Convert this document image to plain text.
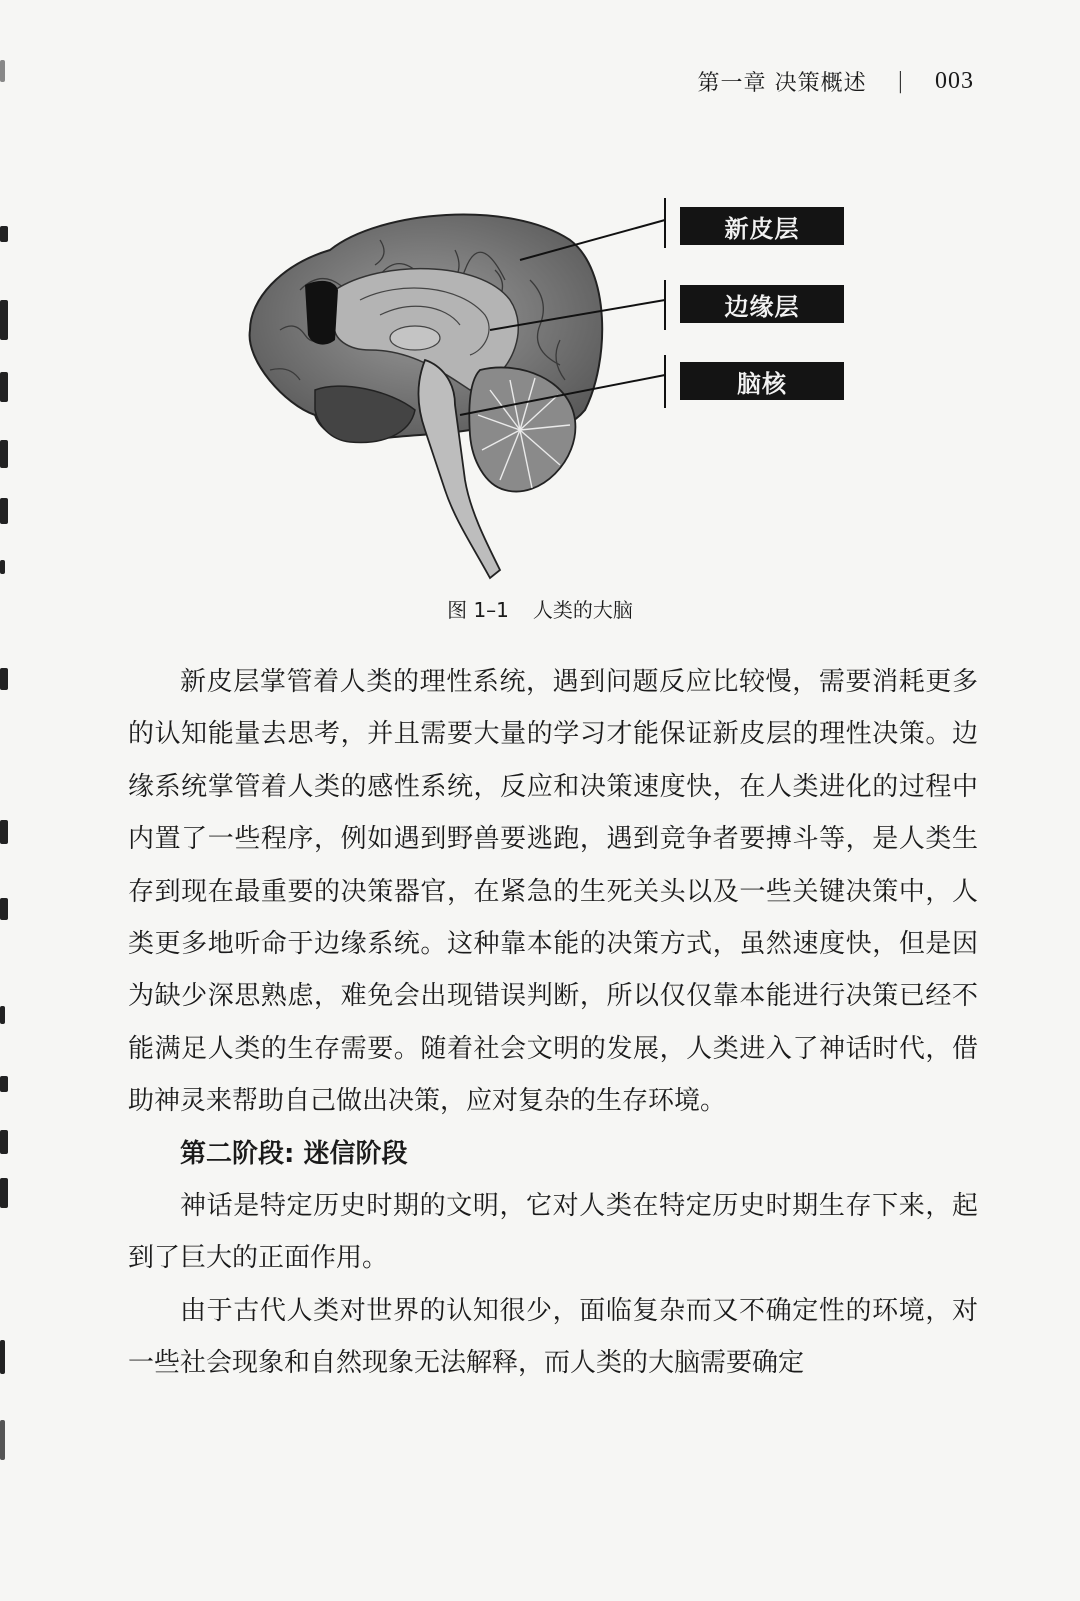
第一章 决策概述 | 003
新皮层
边缘层
脑核
图 1–1 人类的大脑

新皮层掌管着人类的理性系统，遇到问题反应比较慢，需要消耗更多的认知能量去思考，并且需要大量的学习才能保证新皮层的理性决策。边缘系统掌管着人类的感性系统，反应和决策速度快，在人类进化的过程中内置了一些程序，例如遇到野兽要逃跑，遇到竞争者要搏斗等，是人类生存到现在最重要的决策器官，在紧急的生死关头以及一些关键决策中，人类更多地听命于边缘系统。这种靠本能的决策方式，虽然速度快，但是因为缺少深思熟虑，难免会出现错误判断，所以仅仅靠本能进行决策已经不能满足人类的生存需要。随着社会文明的发展，人类进入了神话时代，借助神灵来帮助自己做出决策，应对复杂的生存环境。

第二阶段: 迷信阶段

神话是特定历史时期的文明，它对人类在特定历史时期生存下来，起到了巨大的正面作用。

由于古代人类对世界的认知很少，面临复杂而又不确定性的环境，对一些社会现象和自然现象无法解释，而人类的大脑需要确定
